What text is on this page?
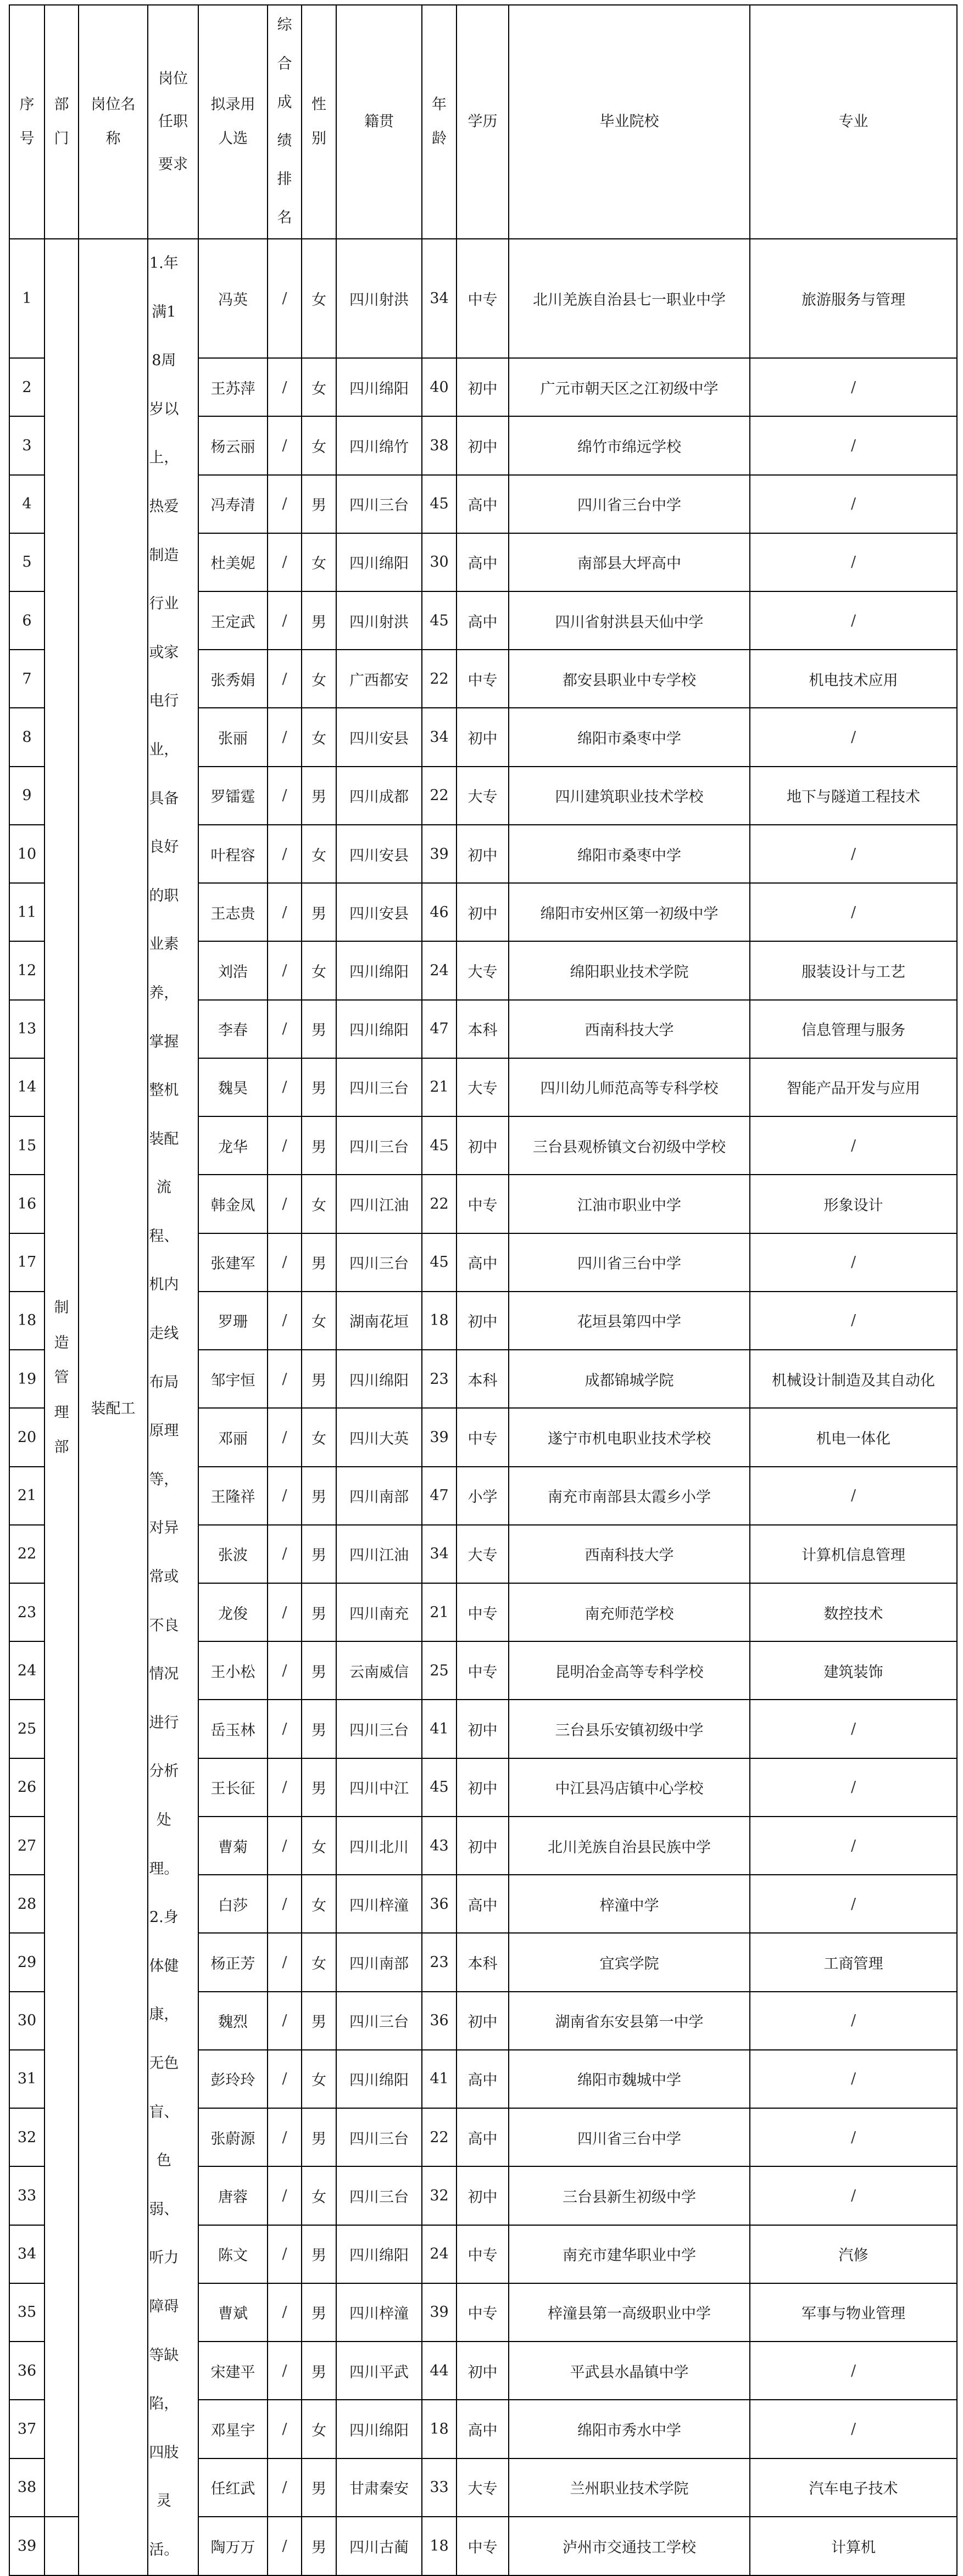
序号	部门	岗位名称	岗位任职要求	拟录用人选	综合成绩排名	性别	籍贯	年龄	学历	毕业院校	专业
1	制造管理部	装配工	1.年满18周岁以上，热爱制造行业或家电行业，具备良好的职业素养，掌握整机装配流程、机内走线布局原理等，对异常或不良情况进行分析处理。2.身体健康，无色盲、色弱、听力障碍等缺陷，四肢灵活。	冯英	/	女	四川射洪	34	中专	北川羌族自治县七一职业中学	旅游服务与管理
2				王苏萍	/	女	四川绵阳	40	初中	广元市朝天区之江初级中学	/
3				杨云丽	/	女	四川绵竹	38	初中	绵竹市绵远学校	/
4				冯寿清	/	男	四川三台	45	高中	四川省三台中学	/
5				杜美妮	/	女	四川绵阳	30	高中	南部县大坪高中	/
6				王定武	/	男	四川射洪	45	高中	四川省射洪县天仙中学	/
7				张秀娟	/	女	广西都安	22	中专	都安县职业中专学校	机电技术应用
8				张丽	/	女	四川安县	34	初中	绵阳市桑枣中学	/
9				罗镭霆	/	男	四川成都	22	大专	四川建筑职业技术学校	地下与隧道工程技术
10				叶程容	/	女	四川安县	39	初中	绵阳市桑枣中学	/
11				王志贵	/	男	四川安县	46	初中	绵阳市安州区第一初级中学	/
12				刘浩	/	女	四川绵阳	24	大专	绵阳职业技术学院	服装设计与工艺
13				李春	/	男	四川绵阳	47	本科	西南科技大学	信息管理与服务
14				魏昊	/	男	四川三台	21	大专	四川幼儿师范高等专科学校	智能产品开发与应用
15				龙华	/	男	四川三台	45	初中	三台县观桥镇文台初级中学校	/
16				韩金凤	/	女	四川江油	22	中专	江油市职业中学	形象设计
17				张建军	/	男	四川三台	45	高中	四川省三台中学	/
18				罗珊	/	女	湖南花垣	18	初中	花垣县第四中学	/
19				邹宇恒	/	男	四川绵阳	23	本科	成都锦城学院	机械设计制造及其自动化
20				邓丽	/	女	四川大英	39	中专	遂宁市机电职业技术学校	机电一体化
21				王隆祥	/	男	四川南部	47	小学	南充市南部县太霞乡小学	/
22				张波	/	男	四川江油	34	大专	西南科技大学	计算机信息管理
23				龙俊	/	男	四川南充	21	中专	南充师范学校	数控技术
24				王小松	/	男	云南威信	25	中专	昆明冶金高等专科学校	建筑装饰
25				岳玉林	/	男	四川三台	41	初中	三台县乐安镇初级中学	/
26				王长征	/	男	四川中江	45	初中	中江县冯店镇中心学校	/
27				曹菊	/	女	四川北川	43	初中	北川羌族自治县民族中学	/
28				白莎	/	女	四川梓潼	36	高中	梓潼中学	/
29				杨正芳	/	女	四川南部	23	本科	宜宾学院	工商管理
30				魏烈	/	男	四川三台	36	初中	湖南省东安县第一中学	/
31				彭玲玲	/	女	四川绵阳	41	高中	绵阳市魏城中学	/
32				张蔚源	/	男	四川三台	22	高中	四川省三台中学	/
33				唐蓉	/	女	四川三台	32	初中	三台县新生初级中学	/
34				陈文	/	男	四川绵阳	24	中专	南充市建华职业中学	汽修
35				曹斌	/	男	四川梓潼	39	中专	梓潼县第一高级职业中学	军事与物业管理
36				宋建平	/	男	四川平武	44	初中	平武县水晶镇中学	/
37				邓星宇	/	女	四川绵阳	18	高中	绵阳市秀水中学	/
38				任红武	/	男	甘肃秦安	33	大专	兰州职业技术学院	汽车电子技术
39				陶万万	/	男	四川古蔺	18	中专	泸州市交通技工学校	计算机
